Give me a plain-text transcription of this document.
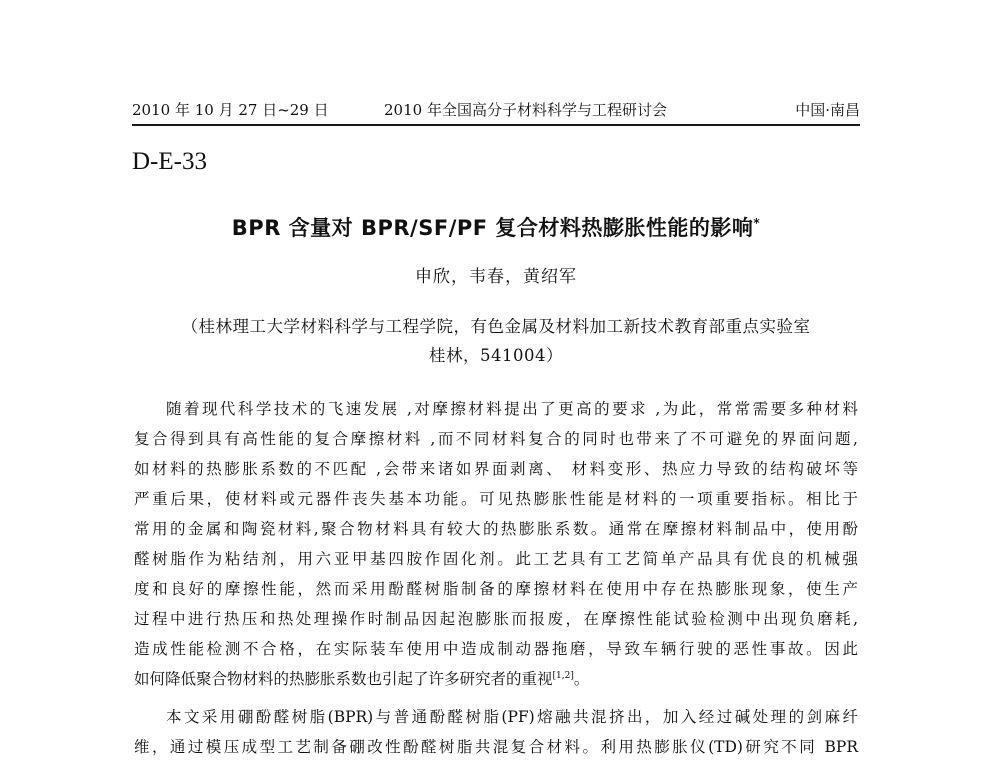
2010 年 10 月 27 日~29 日	2010 年全国高分子材料科学与工程研讨会	中国·南昌
D-E-33
BPR 含量对 BPR/SF/PF 复合材料热膨胀性能的影响*
申欣，韦春，黄绍军
（桂林理工大学材料科学与工程学院，有色金属及材料加工新技术教育部重点实验室
桂林，541004）
随着现代科学技术的飞速发展 ,对摩擦材料提出了更高的要求 ,为此，常常需要多种材料
复合得到具有高性能的复合摩擦材料 ,而不同材料复合的同时也带来了不可避免的界面问题,
如材料的热膨胀系数的不匹配 ,会带来诸如界面剥离、 材料变形、热应力导致的结构破坏等
严重后果，使材料或元器件丧失基本功能。可见热膨胀性能是材料的一项重要指标。相比于
常用的金属和陶瓷材料,聚合物材料具有较大的热膨胀系数。通常在摩擦材料制品中，使用酚
醛树脂作为粘结剂，用六亚甲基四胺作固化剂。此工艺具有工艺简单产品具有优良的机械强
度和良好的摩擦性能，然而采用酚醛树脂制备的摩擦材料在使用中存在热膨胀现象，使生产
过程中进行热压和热处理操作时制品因起泡膨胀而报废，在摩擦性能试验检测中出现负磨耗,
造成性能检测不合格，在实际装车使用中造成制动器拖磨，导致车辆行驶的恶性事故。因此
如何降低聚合物材料的热膨胀系数也引起了许多研究者的重视[1,2]。
本文采用硼酚醛树脂(BPR)与普通酚醛树脂(PF)熔融共混挤出，加入经过碱处理的剑麻纤
维，通过模压成型工艺制备硼改性酚醛树脂共混复合材料。利用热膨胀仪(TD)研究不同 BPR
